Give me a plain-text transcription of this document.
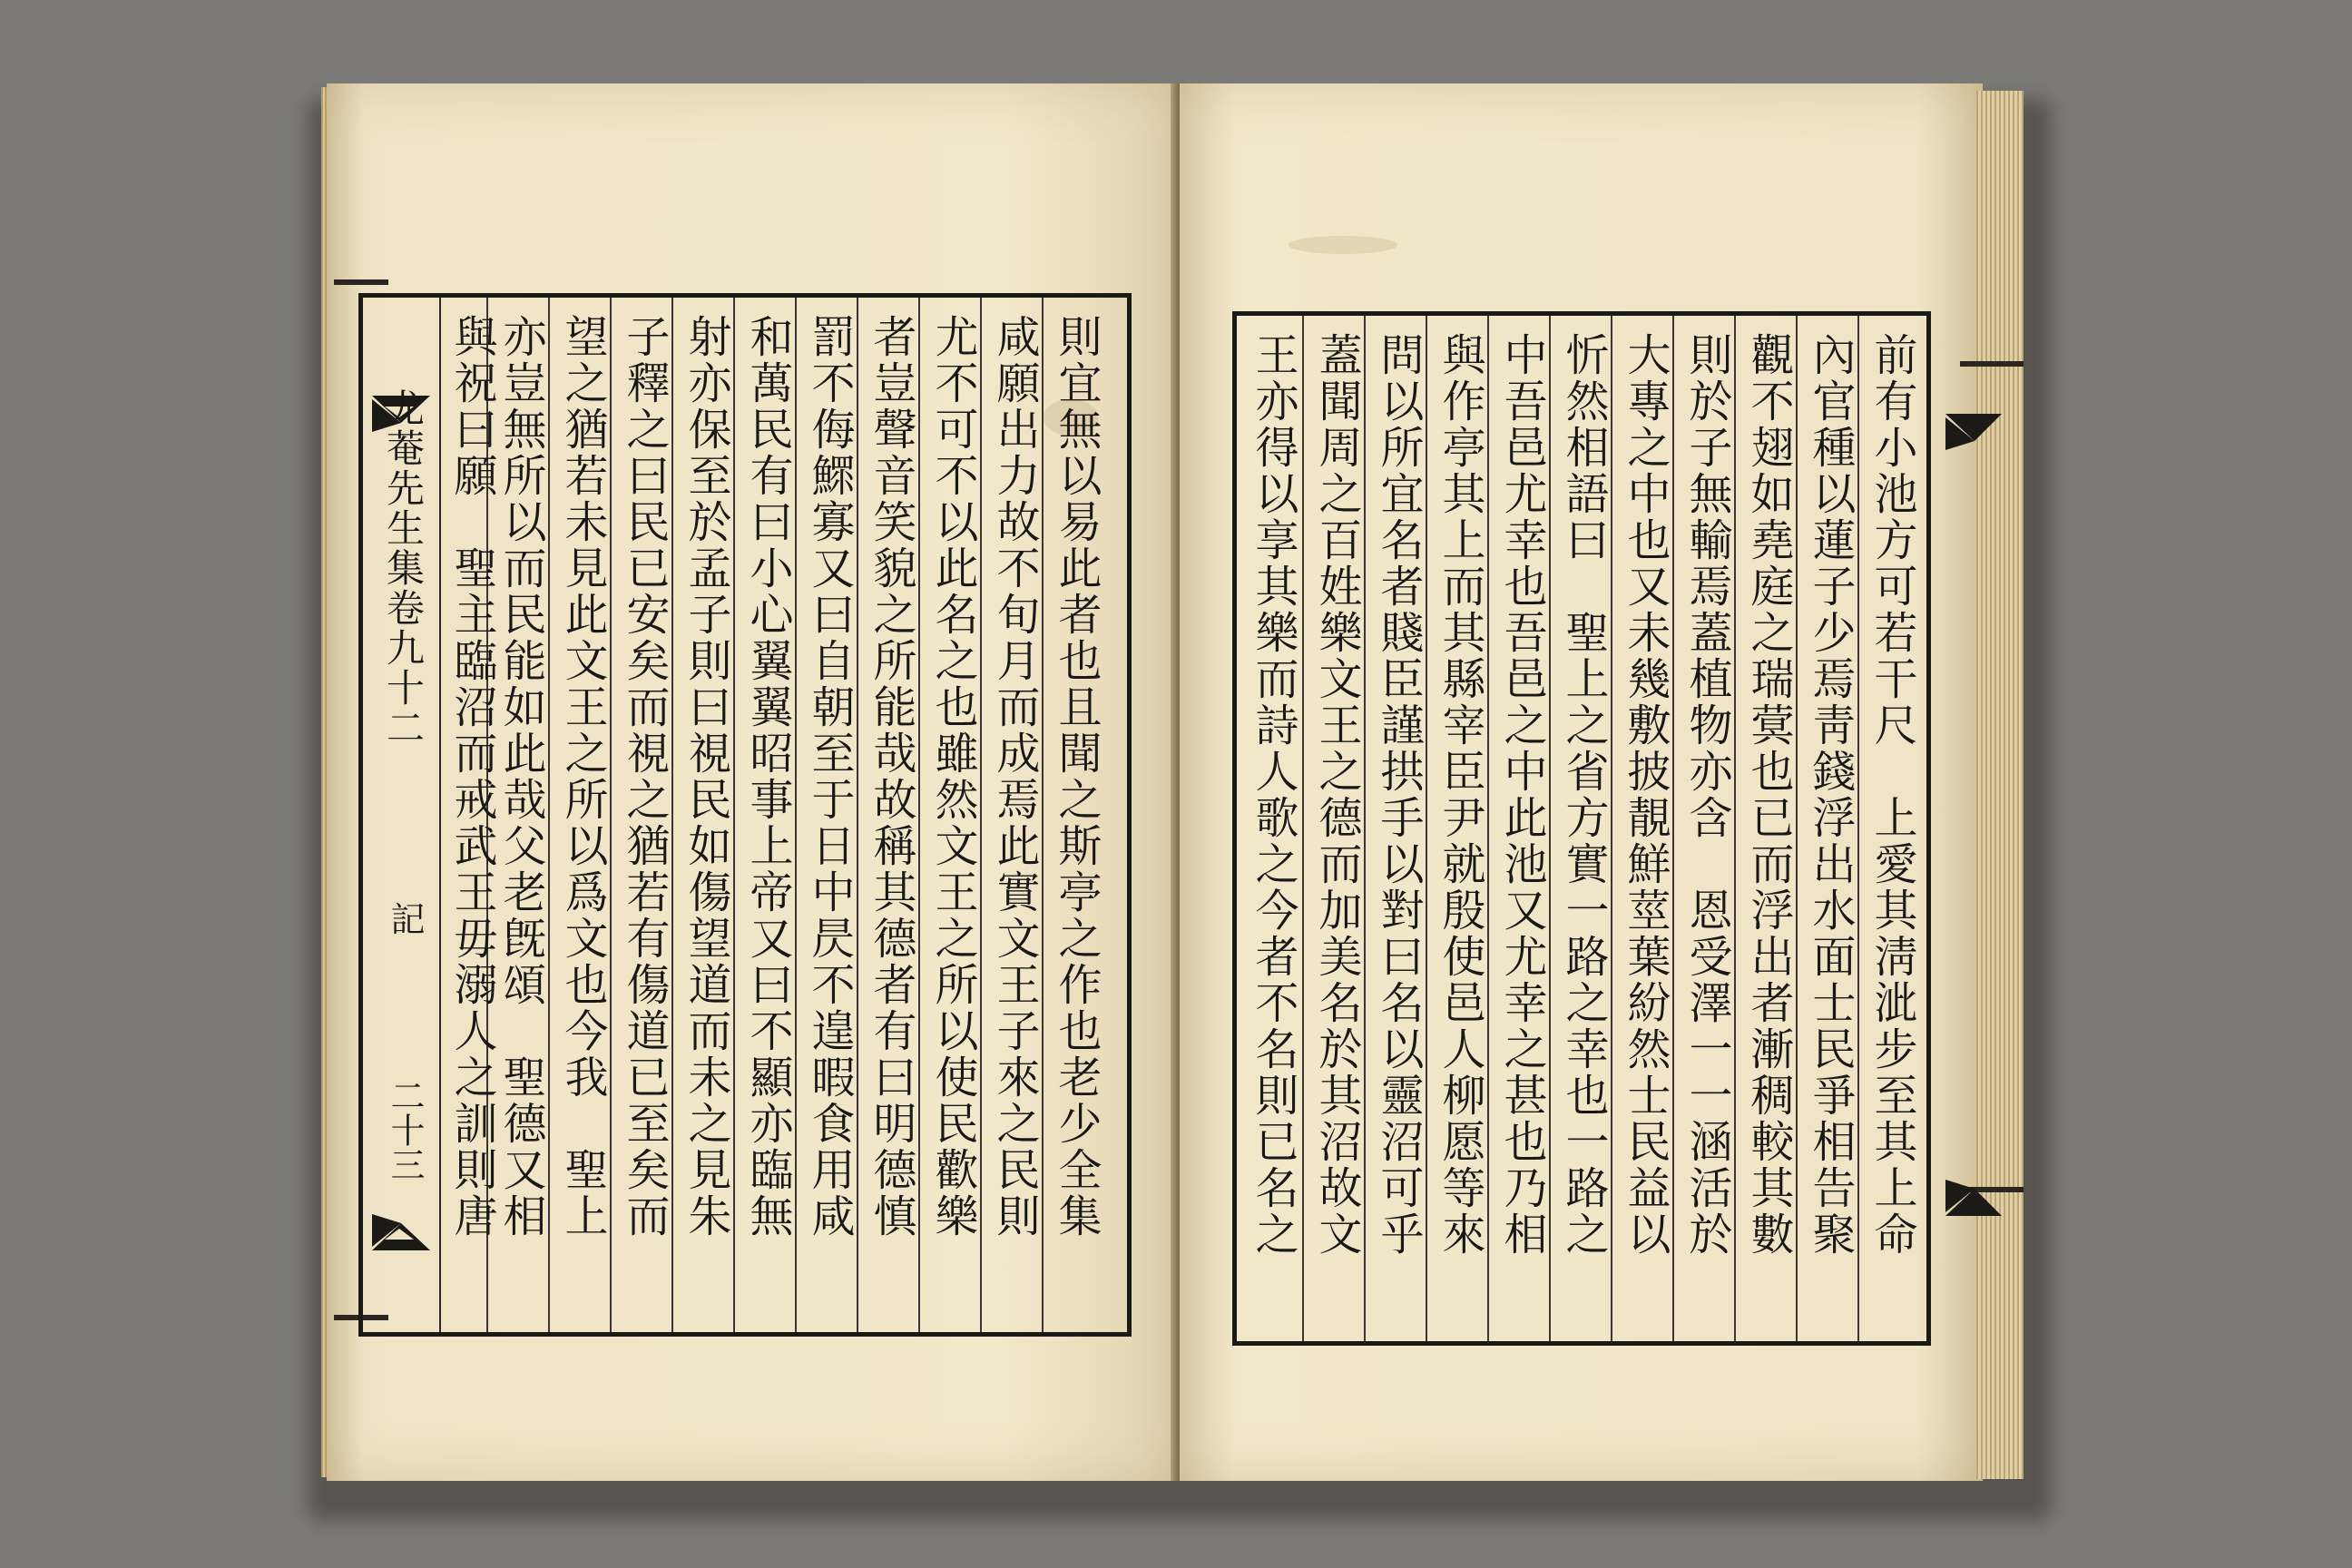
尤菴先生集卷九十二
記
二十三	則宜無以易此者也且聞之斯亭之作也老少全集
咸願出力故不旬月而成焉此實文王子來之民則
尤不可不以此名之也雖然文王之所以使民歡樂
者豈聲音笑貌之所能哉故稱其德者有曰明德慎
罰不侮鰥寡又曰自朝至于日中昃不遑暇食用咸
和萬民有曰小心翼翼昭事上帝又曰不顯亦臨無
射亦保至於孟子則曰視民如傷望道而未之見朱
子釋之曰民已安矣而視之猶若有傷道已至矣而
望之猶若未見此文王之所以爲文也今我　聖上
亦豈無所以而民能如此哉父老旣頌　聖德又相
與祝曰願　聖主臨沼而戒武王毋溺人之訓則唐	前有小池方可若干尺　上愛其淸泚步至其上命
內官種以蓮子少焉靑錢浮出水面士民爭相告聚
觀不翅如堯庭之瑞蓂也已而浮出者漸稠較其數
則於子無輸焉蓋植物亦含　恩受澤一一涵活於
大專之中也又未幾敷披靚鮮莖葉紛然士民益以
忻然相語曰　聖上之省方實一路之幸也一路之
中吾邑尤幸也吾邑之中此池又尤幸之甚也乃相
與作亭其上而其縣宰臣尹就殷使邑人柳愿等來
問以所宜名者賤臣謹拱手以對曰名以靈沼可乎
蓋聞周之百姓樂文王之德而加美名於其沼故文
王亦得以享其樂而詩人歌之今者不名則已名之
